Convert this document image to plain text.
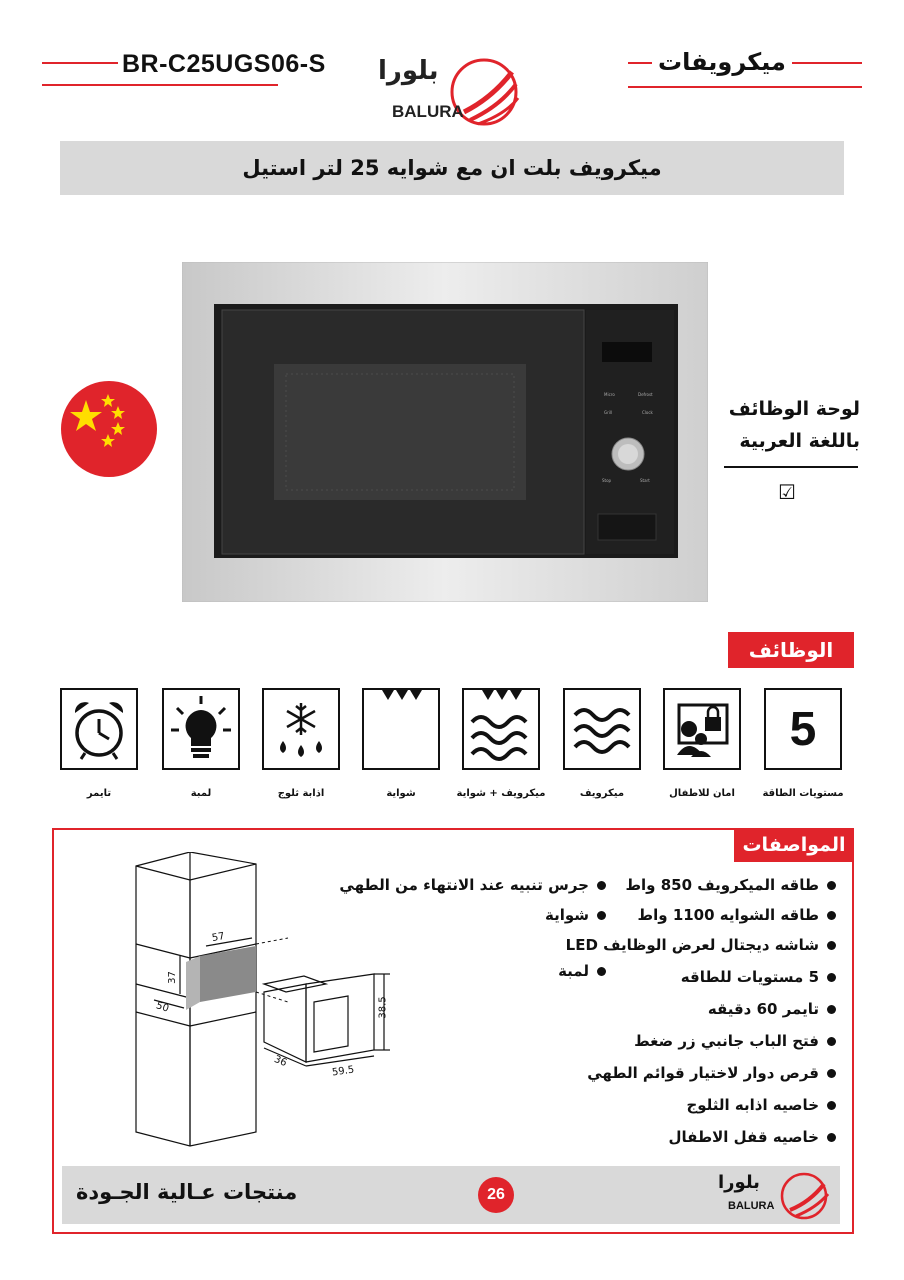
BR-C25UGS06-S	ميكرويفات
بلورا
BALURA
ميكرويف بلت ان مع شوايه 25 لتر استيل
Micro	Defrost
Grill	Clock
Stop	Start
لوحة الوظائف
باللغة العربية
☑
الوظائف
5
مستويات الطاقة
امان للاطفال
ميكرويف
ميكرويف + شواية
شواية
اذابة ثلوج
لمبة
تايمر
المواصفات
57
37
50	38.5
36
59.5
طاقه الميكرويف 850 واط
طاقه الشوايه 1100 واط
شاشه ديجتال لعرض الوظايف LED
5 مستويات للطاقه
تايمر 60 دقيقه
فتح الباب جانبي زر ضغط
قرص دوار لاختيار قوائم الطهي
خاصيه اذابه الثلوج
خاصيه قفل الاطفال
جرس تنبيه عند الانتهاء من الطهي
شواية
لمبة
منتجات عـالية الجـودة	26
بلورا
BALURA
